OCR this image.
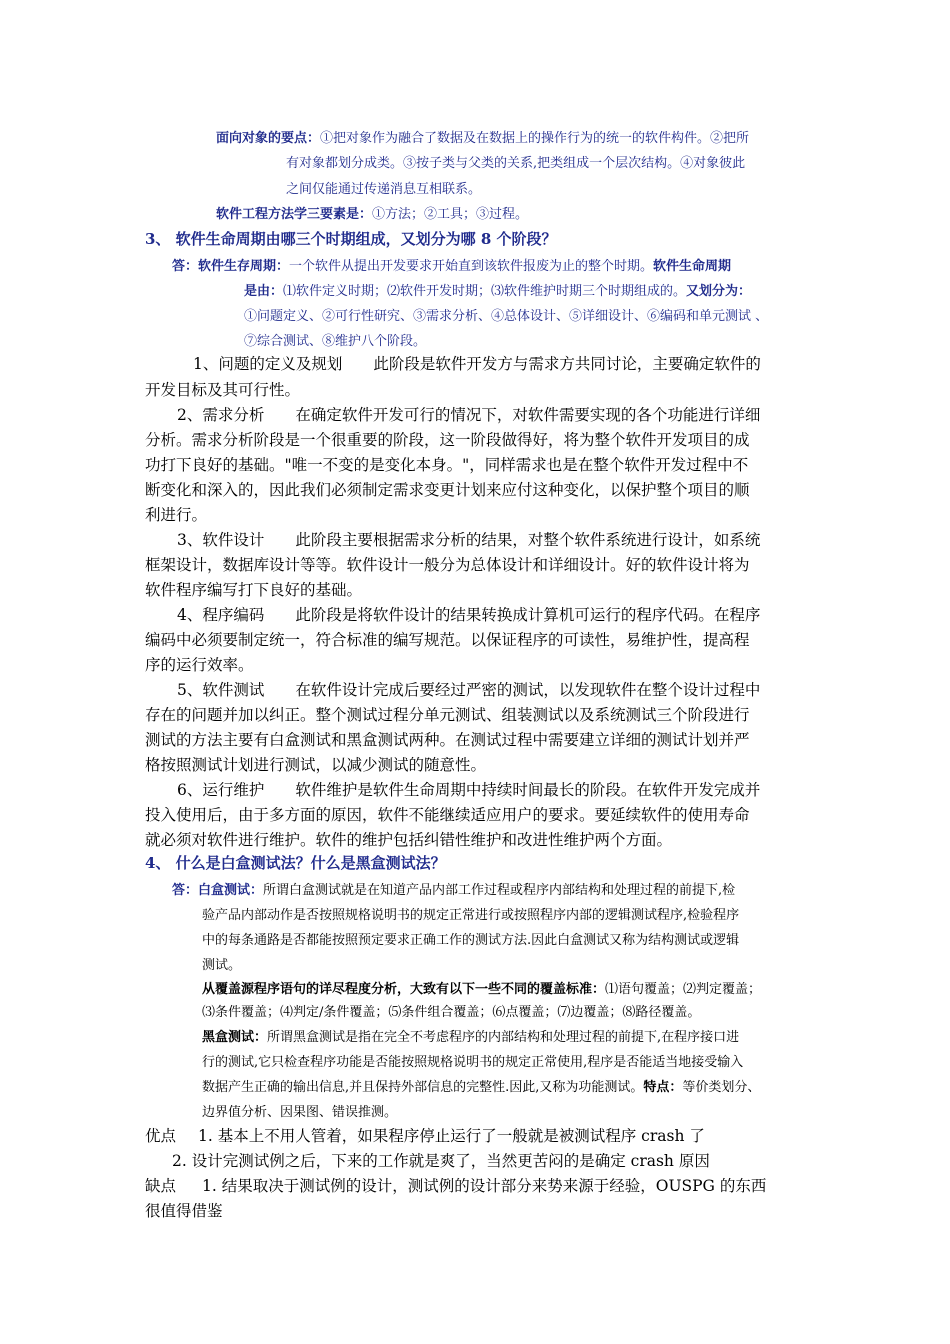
面向对象的要点：①把对象作为融合了数据及在数据上的操作行为的统一的软件构件。②把所
有对象都划分成类。③按子类与父类的关系,把类组成一个层次结构。④对象彼此
之间仅能通过传递消息互相联系。
软件工程方法学三要素是：①方法；②工具；③过程。
3、 软件生命周期由哪三个时期组成，又划分为哪 8 个阶段？
答：软件生存周期：一个软件从提出开发要求开始直到该软件报废为止的整个时期。软件生命周期
是由：⑴软件定义时期；⑵软件开发时期；⑶软件维护时期三个时期组成的。又划分为：
①问题定义、②可行性研究、③需求分析、④总体设计、⑤详细设计、⑥编码和单元测试 、
⑦综合测试、⑧维护八个阶段。
1、问题的定义及规划　　此阶段是软件开发方与需求方共同讨论，主要确定软件的
开发目标及其可行性。
2、需求分析　　在确定软件开发可行的情况下，对软件需要实现的各个功能进行详细
分析。需求分析阶段是一个很重要的阶段，这一阶段做得好，将为整个软件开发项目的成
功打下良好的基础。"唯一不变的是变化本身。"，同样需求也是在整个软件开发过程中不
断变化和深入的，因此我们必须制定需求变更计划来应付这种变化，以保护整个项目的顺
利进行。
3、软件设计　　此阶段主要根据需求分析的结果，对整个软件系统进行设计，如系统
框架设计，数据库设计等等。软件设计一般分为总体设计和详细设计。好的软件设计将为
软件程序编写打下良好的基础。
4、程序编码　　此阶段是将软件设计的结果转换成计算机可运行的程序代码。在程序
编码中必须要制定统一，符合标准的编写规范。以保证程序的可读性，易维护性，提高程
序的运行效率。
5、软件测试　　在软件设计完成后要经过严密的测试，以发现软件在整个设计过程中
存在的问题并加以纠正。整个测试过程分单元测试、组装测试以及系统测试三个阶段进行
测试的方法主要有白盒测试和黑盒测试两种。在测试过程中需要建立详细的测试计划并严
格按照测试计划进行测试，以减少测试的随意性。
6、运行维护　　软件维护是软件生命周期中持续时间最长的阶段。在软件开发完成并
投入使用后，由于多方面的原因，软件不能继续适应用户的要求。要延续软件的使用寿命
就必须对软件进行维护。软件的维护包括纠错性维护和改进性维护两个方面。
4、 什么是白盒测试法？什么是黑盒测试法？
答：白盒测试：所谓白盒测试就是在知道产品内部工作过程或程序内部结构和处理过程的前提下,检
验产品内部动作是否按照规格说明书的规定正常进行或按照程序内部的逻辑测试程序,检验程序
中的每条通路是否都能按照预定要求正确工作的测试方法.因此白盒测试又称为结构测试或逻辑
测试。
从覆盖源程序语句的详尽程度分析，大致有以下一些不同的覆盖标准：⑴语句覆盖；⑵判定覆盖；
⑶条件覆盖；⑷判定/条件覆盖；⑸条件组合覆盖；⑹点覆盖；⑺边覆盖；⑻路径覆盖。
黑盒测试：所谓黑盒测试是指在完全不考虑程序的内部结构和处理过程的前提下,在程序接口进
行的测试,它只检查程序功能是否能按照规格说明书的规定正常使用,程序是否能适当地接受输入
数据产生正确的输出信息,并且保持外部信息的完整性.因此,又称为功能测试。特点：等价类划分、
边界值分析、因果图、错误推测。
优点 1. 基本上不用人管着，如果程序停止运行了一般就是被测试程序 crash 了
2. 设计完测试例之后，下来的工作就是爽了，当然更苦闷的是确定 crash 原因
缺点 1. 结果取决于测试例的设计，测试例的设计部分来势来源于经验，OUSPG 的东西
很值得借鉴
